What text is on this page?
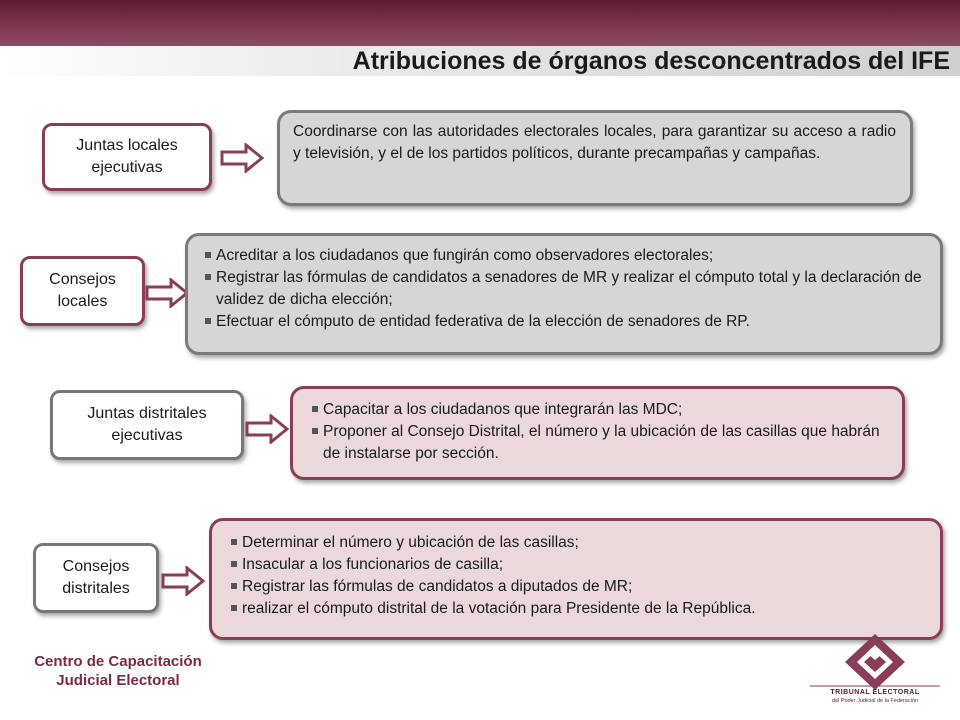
Atribuciones de órganos desconcentrados del IFE
Juntas locales ejecutivas

Coordinarse con las autoridades electorales locales, para garantizar su acceso a radio y televisión, y el de los partidos políticos, durante precampañas y campañas.

Consejos locales
Acreditar a los ciudadanos que fungirán como observadores electorales;
Registrar las fórmulas de candidatos a senadores de MR y realizar el cómputo total y la declaración de validez de dicha elección;
Efectuar el cómputo de entidad federativa de la elección de senadores de RP.
Juntas distritales ejecutivas
Capacitar a los ciudadanos que integrarán las MDC;
Proponer al Consejo Distrital, el número y la ubicación de las casillas que habrán de instalarse por sección.
Consejos distritales
Determinar el número y ubicación de las casillas;
Insacular a los funcionarios de casilla;
Registrar las fórmulas de candidatos a diputados de MR;
realizar el cómputo distrital de la votación para Presidente de la República.
Centro de Capacitación
Judicial Electoral
TRIBUNAL ELECTORAL
del Poder Judicial de la Federación
